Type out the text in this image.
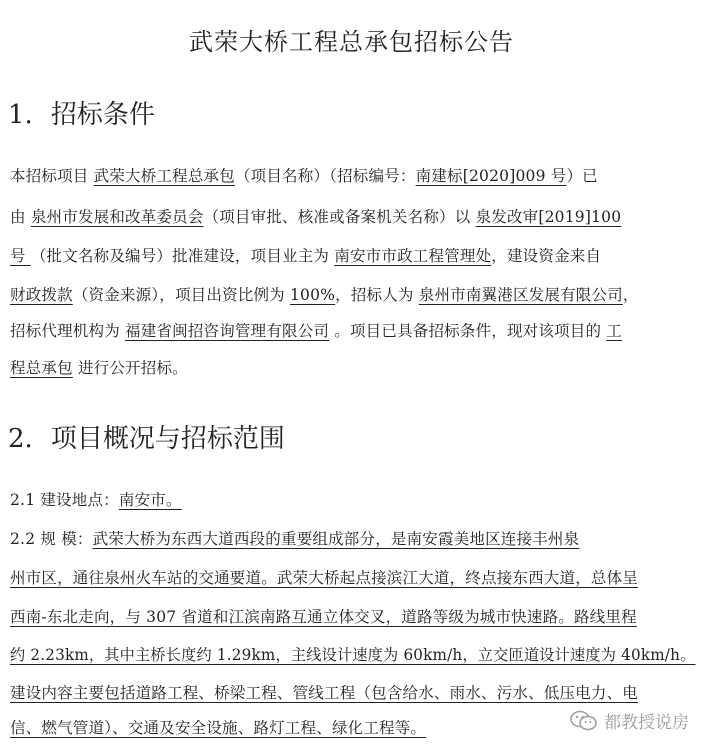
武荣大桥工程总承包招标公告
1. 招标条件
本招标项目 武荣大桥工程总承包（项目名称）（招标编号：南建标[2020]009 号）已
由 泉州市发展和改革委员会（项目审批、核准或备案机关名称）以 泉发改审[2019]100
号 （批文名称及编号）批准建设，项目业主为 南安市市政工程管理处，建设资金来自
财政拨款（资金来源），项目出资比例为 100%，招标人为 泉州市南翼港区发展有限公司，
招标代理机构为 福建省闽招咨询管理有限公司 。项目已具备招标条件，现对该项目的 工
程总承包 进行公开招标。
2. 项目概况与招标范围
2.1 建设地点：南安市。
2.2 规 模：武荣大桥为东西大道西段的重要组成部分，是南安霞美地区连接丰州泉
州市区，通往泉州火车站的交通要道。武荣大桥起点接滨江大道，终点接东西大道，总体呈
西南-东北走向，与 307 省道和江滨南路互通立体交叉，道路等级为城市快速路。路线里程
约 2.23km，其中主桥长度约 1.29km，主线设计速度为 60km/h，立交匝道设计速度为 40km/h。
建设内容主要包括道路工程、桥梁工程、管线工程（包含给水、雨水、污水、低压电力、电
信、燃气管道）、交通及安全设施、路灯工程、绿化工程等。	都教授说房
